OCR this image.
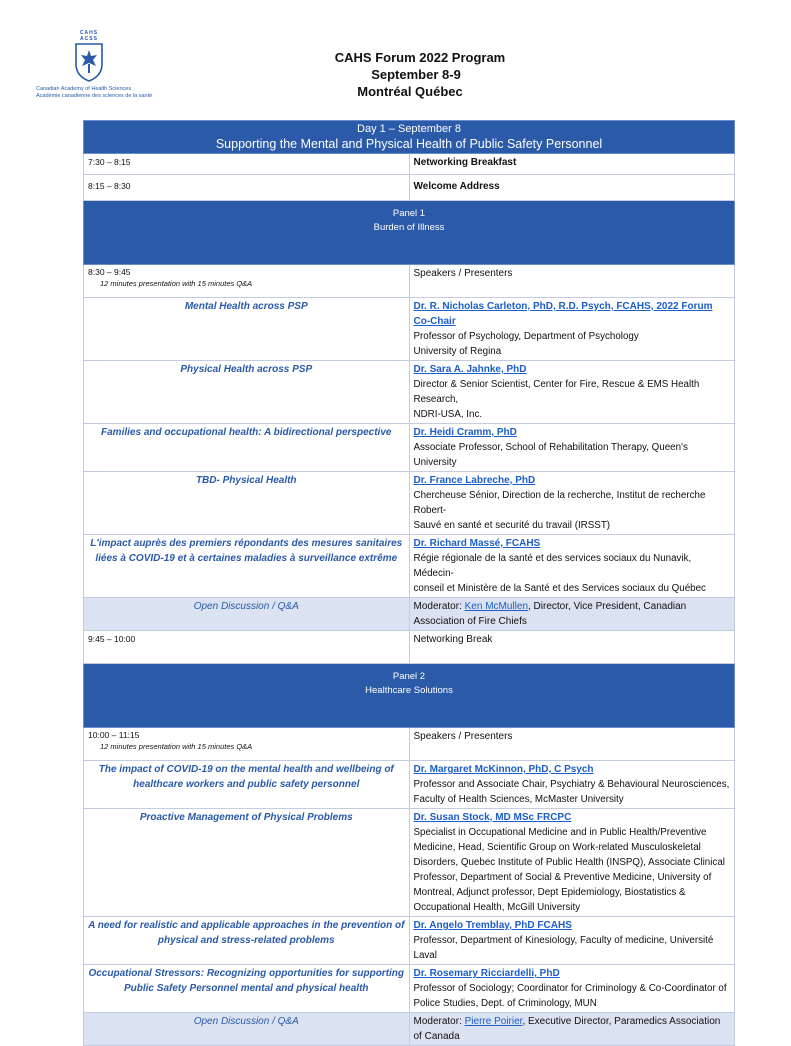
CAHS
ACSS
Canadian Academy of Health Sciences
Académie canadienne des sciences de la santé
CAHS Forum 2022 Program
September 8-9
Montréal Québec
Day 1 – September 8
Supporting the Mental and Physical Health of Public Safety Personnel	

7:30 – 8:15	Networking Breakfast
8:15 – 8:30	Welcome Address

Panel 1
Burden of Illness	

8:30 – 9:45
12 minutes presentation with 15 minutes Q&A	Speakers / Presenters
Mental Health across PSP	Dr. R. Nicholas Carleton, PhD, R.D. Psych, FCAHS, 2022 Forum Co-Chair
Professor of Psychology, Department of Psychology
University of Regina

Physical Health across PSP	Dr. Sara A. Jahnke, PhD
Director & Senior Scientist, Center for Fire, Rescue & EMS Health Research,
NDRI-USA, Inc.

Families and occupational health: A bidirectional perspective	Dr. Heidi Cramm, PhD
Associate Professor, School of Rehabilitation Therapy, Queen's University

TBD- Physical Health	Dr. France Labreche, PhD
Chercheuse Sénior, Direction de la recherche, Institut de recherche Robert-
Sauvé en santé et securité du travail (IRSST)

L'impact auprès des premiers répondants des mesures sanitaires liées à COVID-19 et à certaines maladies à surveillance extrême	Dr. Richard Massé, FCAHS
Régie régionale de la santé et des services sociaux du Nunavik, Médecin-
conseil et Ministère de la Santé et des Services sociaux du Québec

Open Discussion / Q&A	Moderator: Ken McMullen, Director, Vice President, Canadian Association of Fire Chiefs
9:45 – 10:00	Networking Break

Panel 2
Healthcare Solutions	

10:00 – 11:15
12 minutes presentation with 15 minutes Q&A	Speakers / Presenters
The impact of COVID-19 on the mental health and wellbeing of healthcare workers and public safety personnel	Dr. Margaret McKinnon, PhD, C Psych
Professor and Associate Chair, Psychiatry & Behavioural Neurosciences, Faculty of Health Sciences, McMaster University

Proactive Management of Physical Problems	Dr. Susan Stock, MD MSc FRCPC
Specialist in Occupational Medicine and in Public Health/Preventive Medicine, Head, Scientific Group on Work-related Musculoskeletal Disorders, Quebec Institute of Public Health (INSPQ), Associate Clinical Professor, Department of Social & Preventive Medicine, University of Montreal, Adjunct professor, Dept Epidemiology, Biostatistics & Occupational Health, McGill University

A need for realistic and applicable approaches in the prevention of physical and stress-related problems	Dr. Angelo Tremblay, PhD FCAHS
Professor, Department of Kinesiology, Faculty of medicine, Université Laval

Occupational Stressors: Recognizing opportunities for supporting Public Safety Personnel mental and physical health	Dr. Rosemary Ricciardelli, PhD
Professor of Sociology; Coordinator for Criminology & Co-Coordinator of Police Studies, Dept. of Criminology, MUN

Open Discussion / Q&A	Moderator: Pierre Poirier, Executive Director, Paramedics Association of Canada
